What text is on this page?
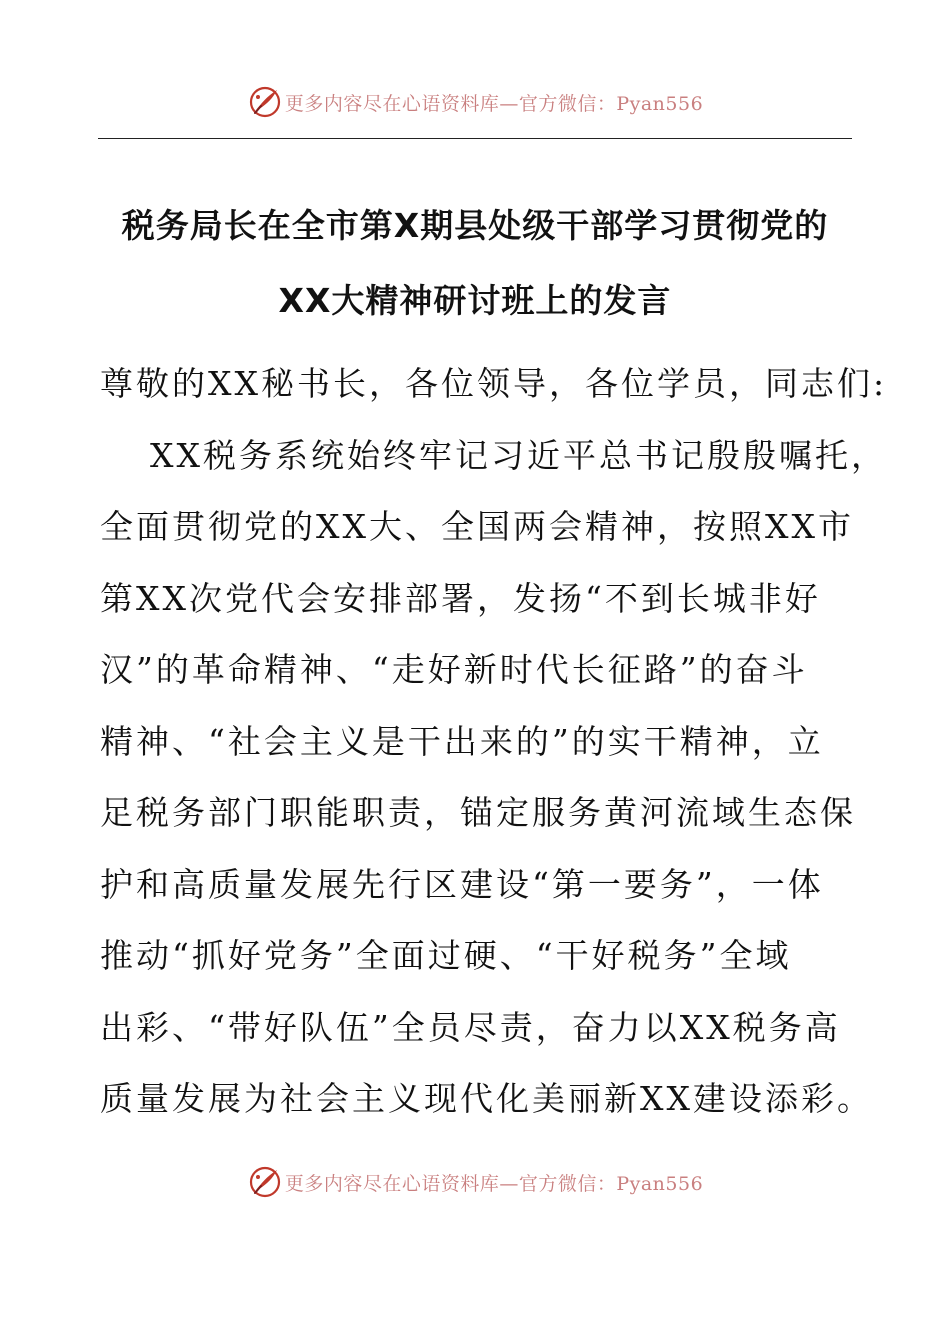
更多内容尽在心语资料库—官方微信：Pyan556
税务局长在全市第X期县处级干部学习贯彻党的
XX大精神研讨班上的发言
尊敬的XX秘书长，各位领导，各位学员，同志们:
XX税务系统始终牢记习近平总书记殷殷嘱托，
全面贯彻党的XX大、全国两会精神，按照XX市
第XX次党代会安排部署，发扬“不到长城非好
汉”的革命精神、“走好新时代长征路”的奋斗
精神、“社会主义是干出来的”的实干精神，立
足税务部门职能职责，锚定服务黄河流域生态保
护和高质量发展先行区建设“第一要务”，一体
推动“抓好党务”全面过硬、“干好税务”全域
出彩、“带好队伍”全员尽责，奋力以XX税务高
质量发展为社会主义现代化美丽新XX建设添彩。
更多内容尽在心语资料库—官方微信：Pyan556
